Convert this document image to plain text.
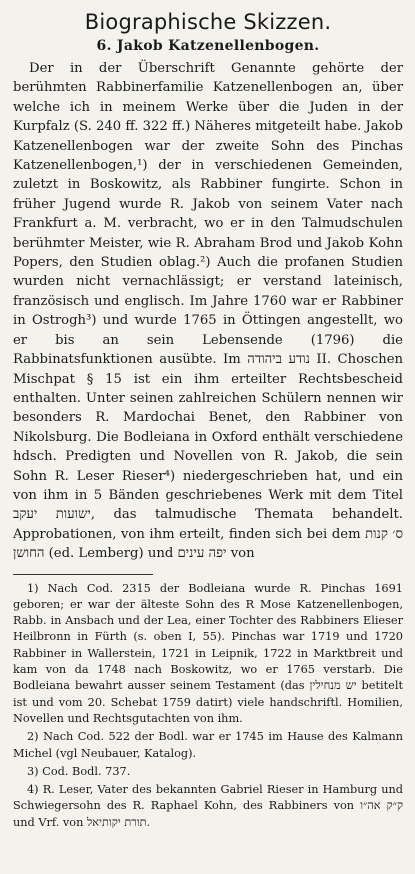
Biographische Skizzen.
6. Jakob Katzenellenbogen.

Der in der Überschrift Genannte gehörte der berühmten Rabbinerfamilie Katzenellenbogen an, über welche ich in meinem Werke über die Juden in der Kurpfalz (S. 240 ff. 322 ff.) Näheres mitgeteilt habe. Jakob Katzenellenbogen war der zweite Sohn des Pinchas Katzenellenbogen,¹) der in verschiedenen Gemeinden, zuletzt in Boskowitz, als Rabbiner fungirte. Schon in früher Jugend wurde R. Jakob von seinem Vater nach Frankfurt a. M. verbracht, wo er in den Talmudschulen berühmter Meister, wie R. Abraham Brod und Jakob Kohn Popers, den Studien oblag.²) Auch die profanen Studien wurden nicht vernachlässigt; er verstand lateinisch, französisch und englisch. Im Jahre 1760 war er Rabbiner in Ostrogh³) und wurde 1765 in Öttingen angestellt, wo er bis an sein Lebensende (1796) die Rabbinatsfunktionen ausübte. Im נודע ביהודה II. Choschen Mischpat § 15 ist ein ihm erteilter Rechtsbescheid enthalten. Unter seinen zahlreichen Schülern nennen wir besonders R. Mardochai Benet, den Rabbiner von Nikolsburg. Die Bodleiana in Oxford enthält verschiedene hdsch. Predigten und Novellen von R. Jakob, die sein Sohn R. Leser Rieser⁴) niedergeschrieben hat, und ein von ihm in 5 Bänden geschriebenes Werk mit dem Titel ישועות יעקב, das talmudische Themata behandelt. Approbationen, von ihm erteilt, finden sich bei dem ס׳ קנות החושן (ed. Lemberg) und יפה עינים von

1) Nach Cod. 2315 der Bodleiana wurde R. Pinchas 1691 geboren; er war der älteste Sohn des R Mose Katzenellenbogen, Rabb. in Ansbach und der Lea, einer Tochter des Rabbiners Elieser Heilbronn in Fürth (s. oben I, 55). Pinchas war 1719 und 1720 Rabbiner in Wallerstein, 1721 in Leipnik, 1722 in Marktbreit und kam von da 1748 nach Boskowitz, wo er 1765 verstarb. Die Bodleiana bewahrt ausser seinem Testament (das יש מנחילין betitelt ist und vom 20. Schebat 1759 datirt) viele handschriftl. Homilien, Novellen und Rechtsgutachten von ihm.

2) Nach Cod. 522 der Bodl. war er 1745 im Hause des Kalmann Michel (vgl Neubauer, Katalog).

3) Cod. Bodl. 737.

4) R. Leser, Vater des bekannten Gabriel Rieser in Hamburg und Schwiegersohn des R. Raphael Kohn, des Rabbiners von ק״ק אה״ו und Vrf. von תורת יקותיאל.
